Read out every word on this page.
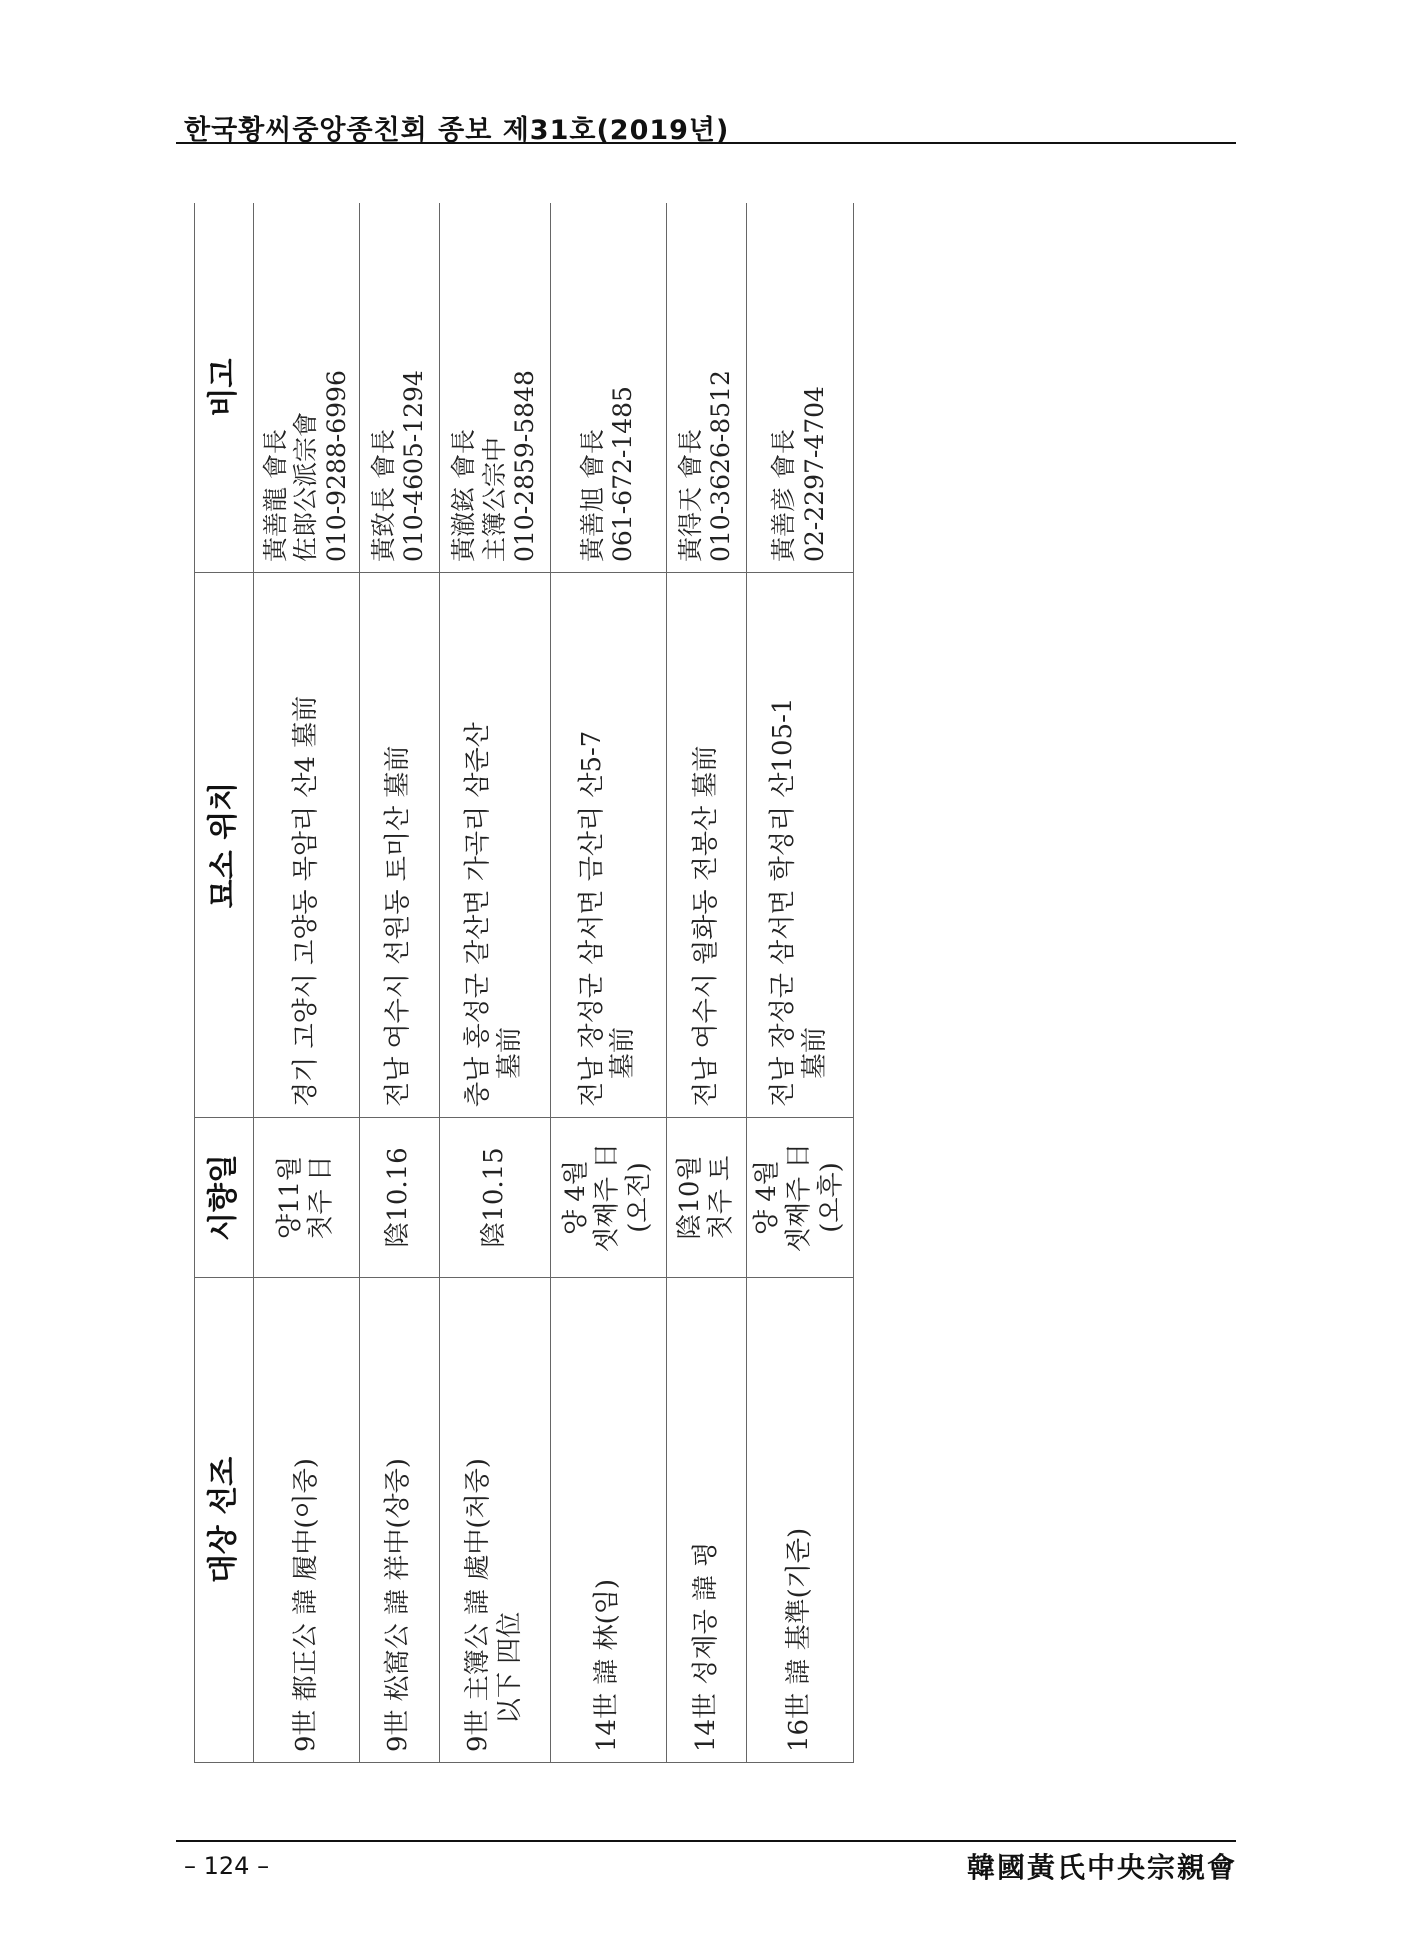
한국황씨중앙종친회 종보 제31호(2019년)
대상 선조	시향일	묘소 위치	비고

9世 都正公 諱 履中(이중)	양11월 첫주 日	경기 고양시 고양동 목암리 산4 墓前	黃善龍 會長 佐郞公派宗會 010-9288-6996

9世 松窩公 諱 祥中(상중)	陰10.16	전남 여수시 선원동 토미산 墓前	黃致長 會長 010-4605-1294

9世 主簿公 諱 處中(처중) 以下 四位	陰10.15	충남 홍성군 갈산면 가곡리 삼준산 墓前	黃澈鉉 會長 主簿公宗中 010-2859-5848

14世 諱 林(임)	양 4월 셋째주 日 (오전)	전남 장성군 삼서면 금산리 산5-7 墓前	黃善旭 會長 061-672-1485

14世 성제공 諱 평	陰10월 첫주 토	전남 여수시 월화동 전봉산 墓前	黃得天 會長 010-3626-8512

16世 諱 基準(기준)	양 4월 셋째주 日 (오후)	전남 장성군 삼서면 학성리 산105-1 墓前	黃善彦 會長 02-2297-4704
– 124 –	韓國黃氏中央宗親會
